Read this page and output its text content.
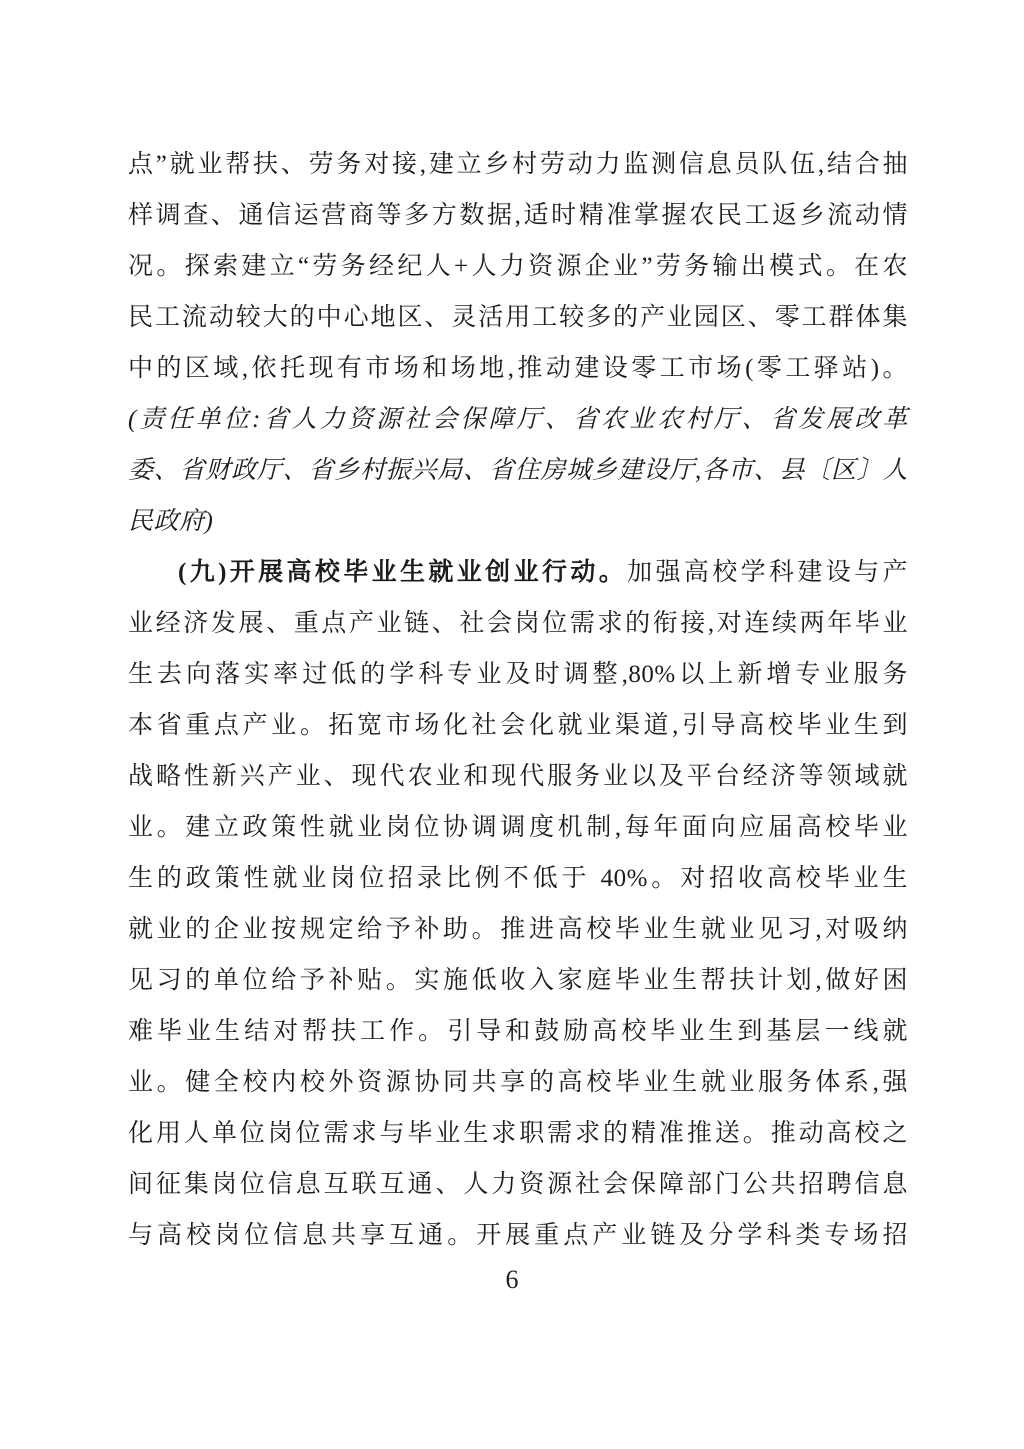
点”就业帮扶、劳务对接,建立乡村劳动力监测信息员队伍,结合抽
样调查、通信运营商等多方数据,适时精准掌握农民工返乡流动情
况。探索建立“劳务经纪人+人力资源企业”劳务输出模式。在农
民工流动较大的中心地区、灵活用工较多的产业园区、零工群体集
中的区域,依托现有市场和场地,推动建设零工市场(零工驿站)。
(责任单位:省人力资源社会保障厅、省农业农村厅、省发展改革
委、省财政厅、省乡村振兴局、省住房城乡建设厅,各市、县〔区〕人
民政府)
(九)开展高校毕业生就业创业行动。加强高校学科建设与产
业经济发展、重点产业链、社会岗位需求的衔接,对连续两年毕业
生去向落实率过低的学科专业及时调整,80%以上新增专业服务
本省重点产业。拓宽市场化社会化就业渠道,引导高校毕业生到
战略性新兴产业、现代农业和现代服务业以及平台经济等领域就
业。建立政策性就业岗位协调调度机制,每年面向应届高校毕业
生的政策性就业岗位招录比例不低于 40%。对招收高校毕业生
就业的企业按规定给予补助。推进高校毕业生就业见习,对吸纳
见习的单位给予补贴。实施低收入家庭毕业生帮扶计划,做好困
难毕业生结对帮扶工作。引导和鼓励高校毕业生到基层一线就
业。健全校内校外资源协同共享的高校毕业生就业服务体系,强
化用人单位岗位需求与毕业生求职需求的精准推送。推动高校之
间征集岗位信息互联互通、人力资源社会保障部门公共招聘信息
与高校岗位信息共享互通。开展重点产业链及分学科类专场招
6
